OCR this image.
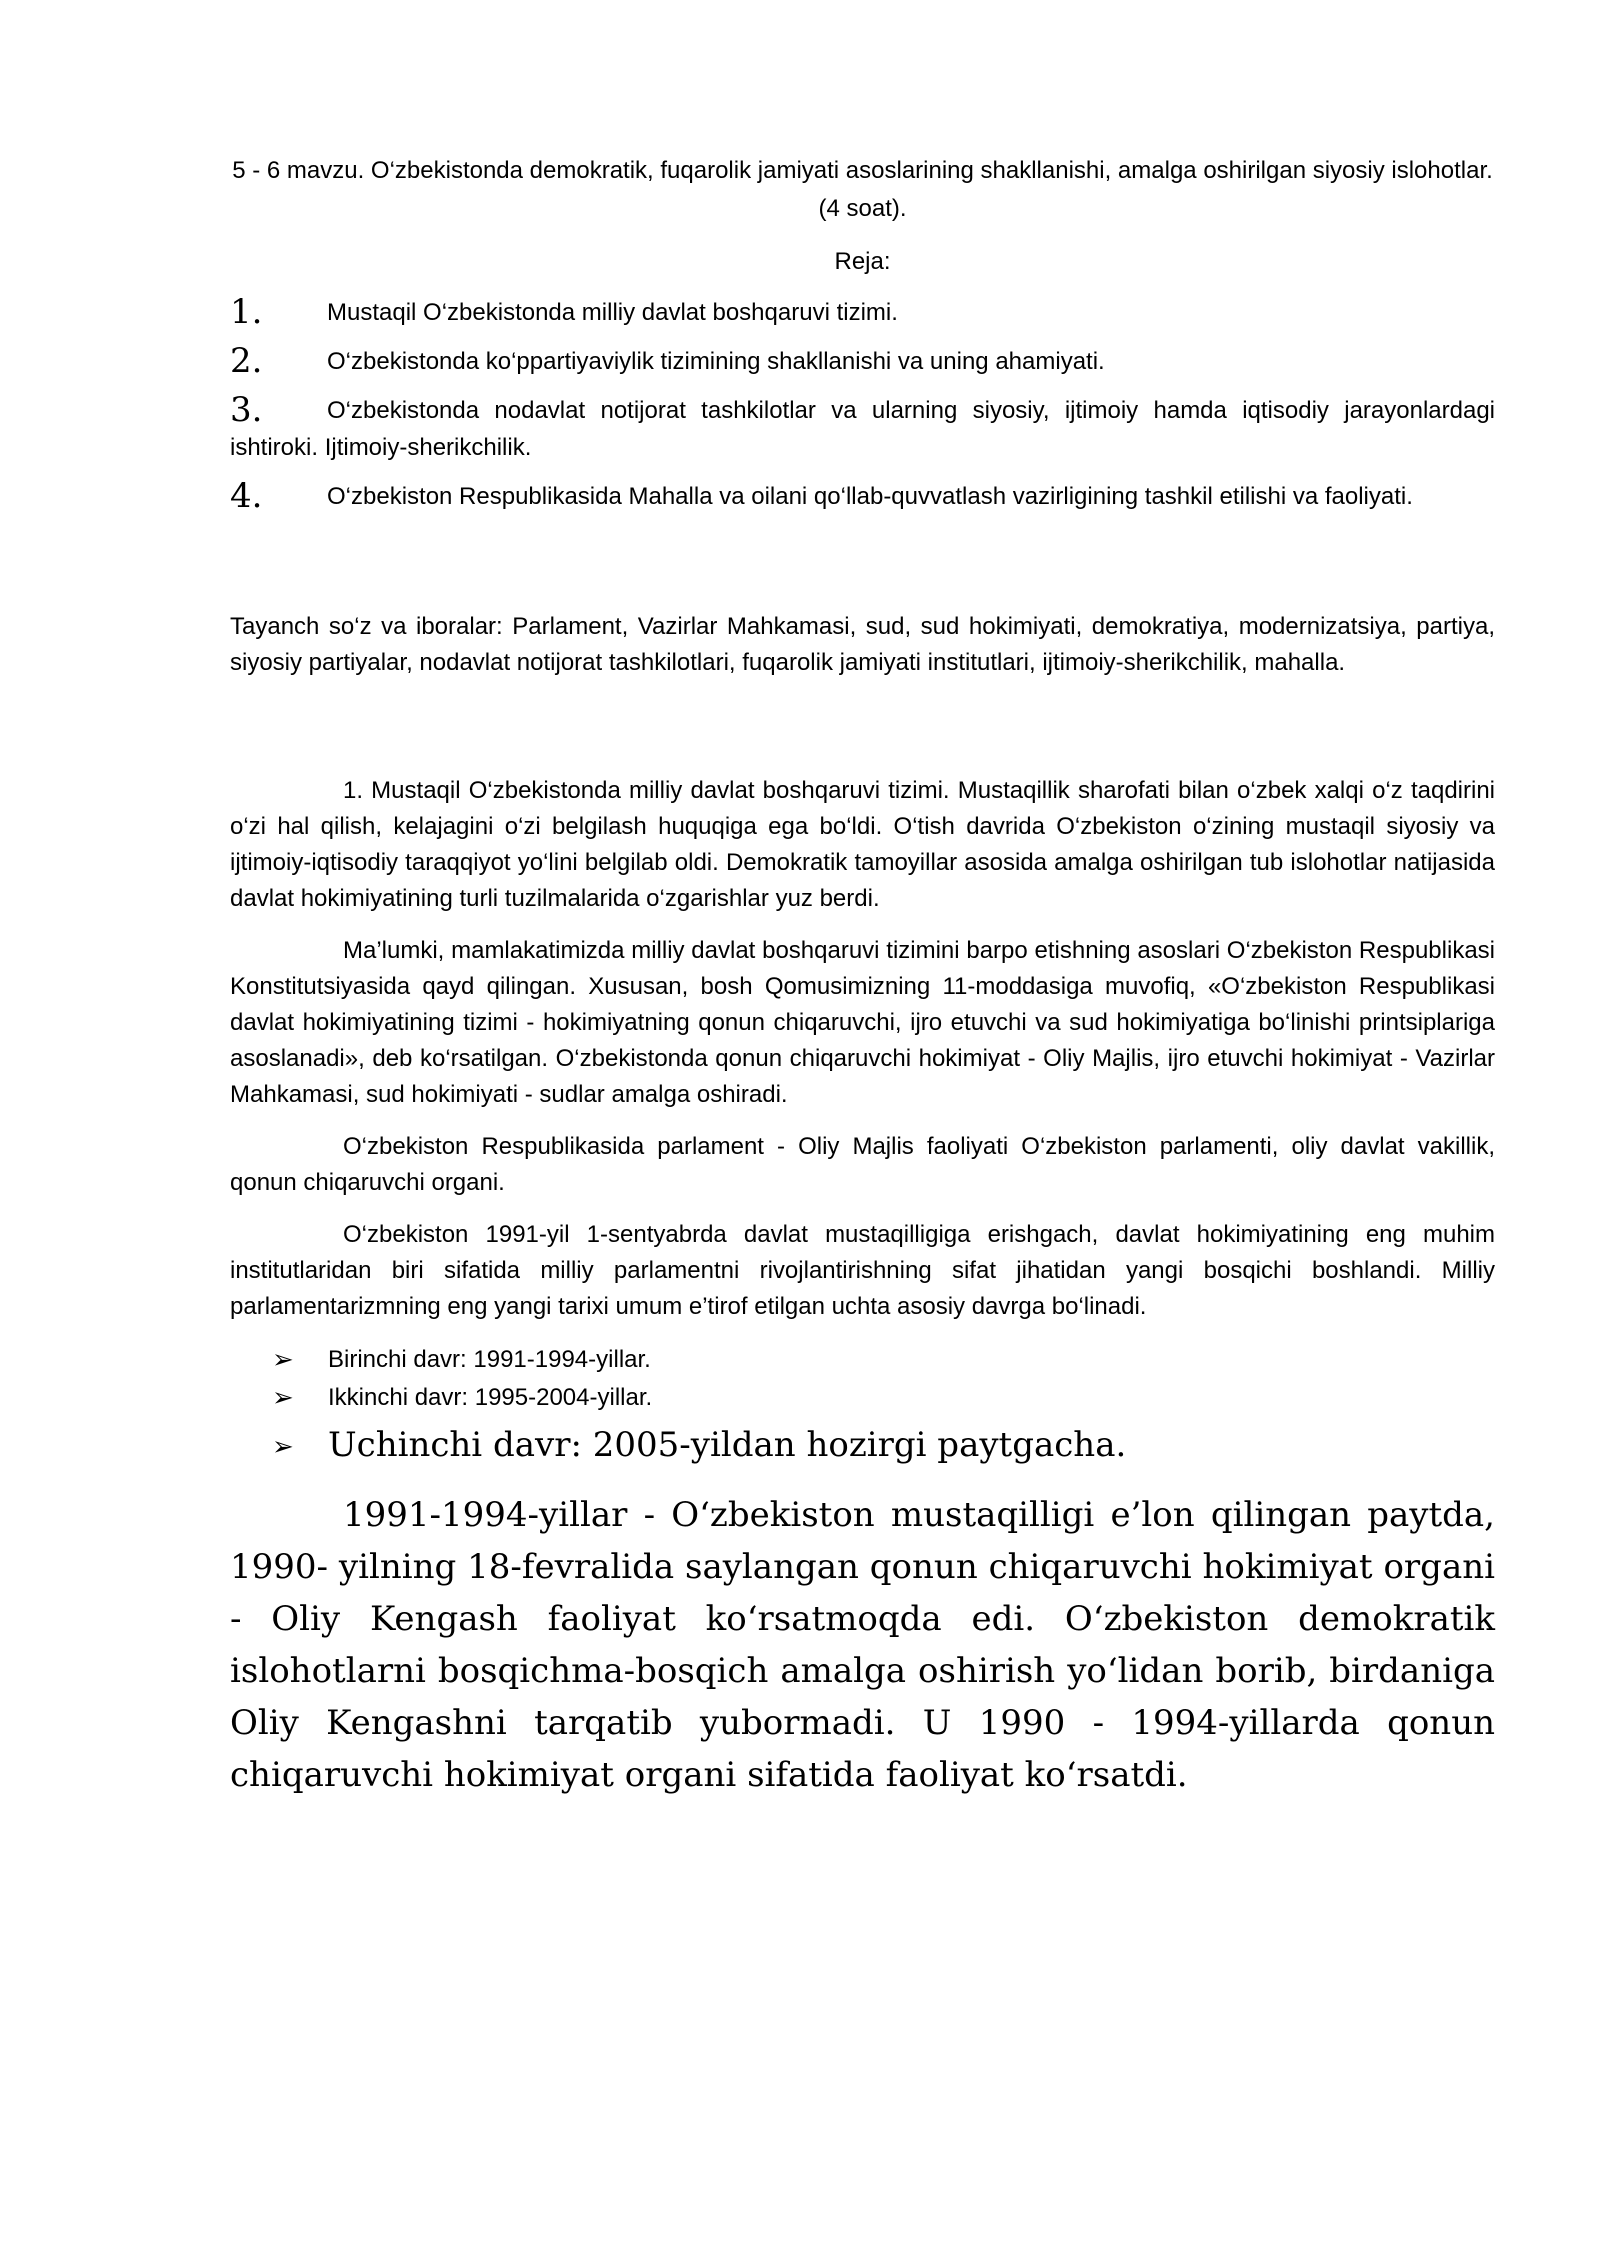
5 - 6 mavzu. O‘zbekistonda demokratik, fuqarolik jamiyati asoslarining shakllanishi, amalga oshirilgan siyosiy islohotlar. (4 soat).

Reja:

1.	Mustaqil O‘zbekistonda milliy davlat boshqaruvi tizimi.

2.	O‘zbekistonda ko‘ppartiyaviylik tizimining shakllanishi va uning ahamiyati.

3.	O‘zbekistonda nodavlat notijorat tashkilotlar va ularning siyosiy, ijtimoiy hamda iqtisodiy jarayonlardagi ishtiroki. Ijtimoiy-sherikchilik.

4.	O‘zbekiston Respublikasida Mahalla va oilani qo‘llab-quvvatlash vazirligining tashkil etilishi va faoliyati.

Tayanch so‘z va iboralar: Parlament, Vazirlar Mahkamasi, sud, sud hokimiyati, demokratiya, modernizatsiya, partiya, siyosiy partiyalar, nodavlat notijorat tashkilotlari, fuqarolik jamiyati institutlari, ijtimoiy-sherikchilik, mahalla.

1. Mustaqil O‘zbekistonda milliy davlat boshqaruvi tizimi. Mustaqillik sharofati bilan o‘zbek xalqi o‘z taqdirini o‘zi hal qilish, kelajagini o‘zi belgilash huquqiga ega bo‘ldi. O‘tish davrida O‘zbekiston o‘zining mustaqil siyosiy va ijtimoiy-iqtisodiy taraqqiyot yo‘lini belgilab oldi. Demokratik tamoyillar asosida amalga oshirilgan tub islohotlar natijasida davlat hokimiyatining turli tuzilmalarida o‘zgarishlar yuz berdi.

Ma’lumki, mamlakatimizda milliy davlat boshqaruvi tizimini barpo etishning asoslari O‘zbekiston Respublikasi Konstitutsiyasida qayd qilingan. Xususan, bosh Qomusimizning 11-moddasiga muvofiq, «O‘zbekiston Respublikasi davlat hokimiyatining tizimi - hokimiyatning qonun chiqaruvchi, ijro etuvchi va sud hokimiyatiga bo‘linishi printsiplariga asoslanadi», deb ko‘rsatilgan. O‘zbekistonda qonun chiqaruvchi hokimiyat - Oliy Majlis, ijro etuvchi hokimiyat - Vazirlar Mahkamasi, sud hokimiyati - sudlar amalga oshiradi.

O‘zbekiston Respublikasida parlament - Oliy Majlis faoliyati O‘zbekiston parlamenti, oliy davlat vakillik, qonun chiqaruvchi organi.

O‘zbekiston 1991-yil 1-sentyabrda davlat mustaqilligiga erishgach, davlat hokimiyatining eng muhim institutlaridan biri sifatida milliy parlamentni rivojlantirishning sifat jihatidan yangi bosqichi boshlandi. Milliy parlamentarizmning eng yangi tarixi umum e’tirof etilgan uchta asosiy davrga bo‘linadi.

➢ Birinchi davr: 1991-1994-yillar.
➢ Ikkinchi davr: 1995-2004-yillar.
➢ Uchinchi davr: 2005-yildan hozirgi paytgacha.

1991-1994-yillar - O‘zbekiston mustaqilligi e’lon qilingan paytda, 1990- yilning 18-fevralida saylangan qonun chiqaruvchi hokimiyat organi - Oliy Kengash faoliyat ko‘rsatmoqda edi. O‘zbekiston demokratik islohotlarni bosqichma-bosqich amalga oshirish yo‘lidan borib, birdaniga Oliy Kengashni tarqatib yubormadi. U 1990 - 1994-yillarda qonun chiqaruvchi hokimiyat organi sifatida faoliyat ko‘rsatdi.
